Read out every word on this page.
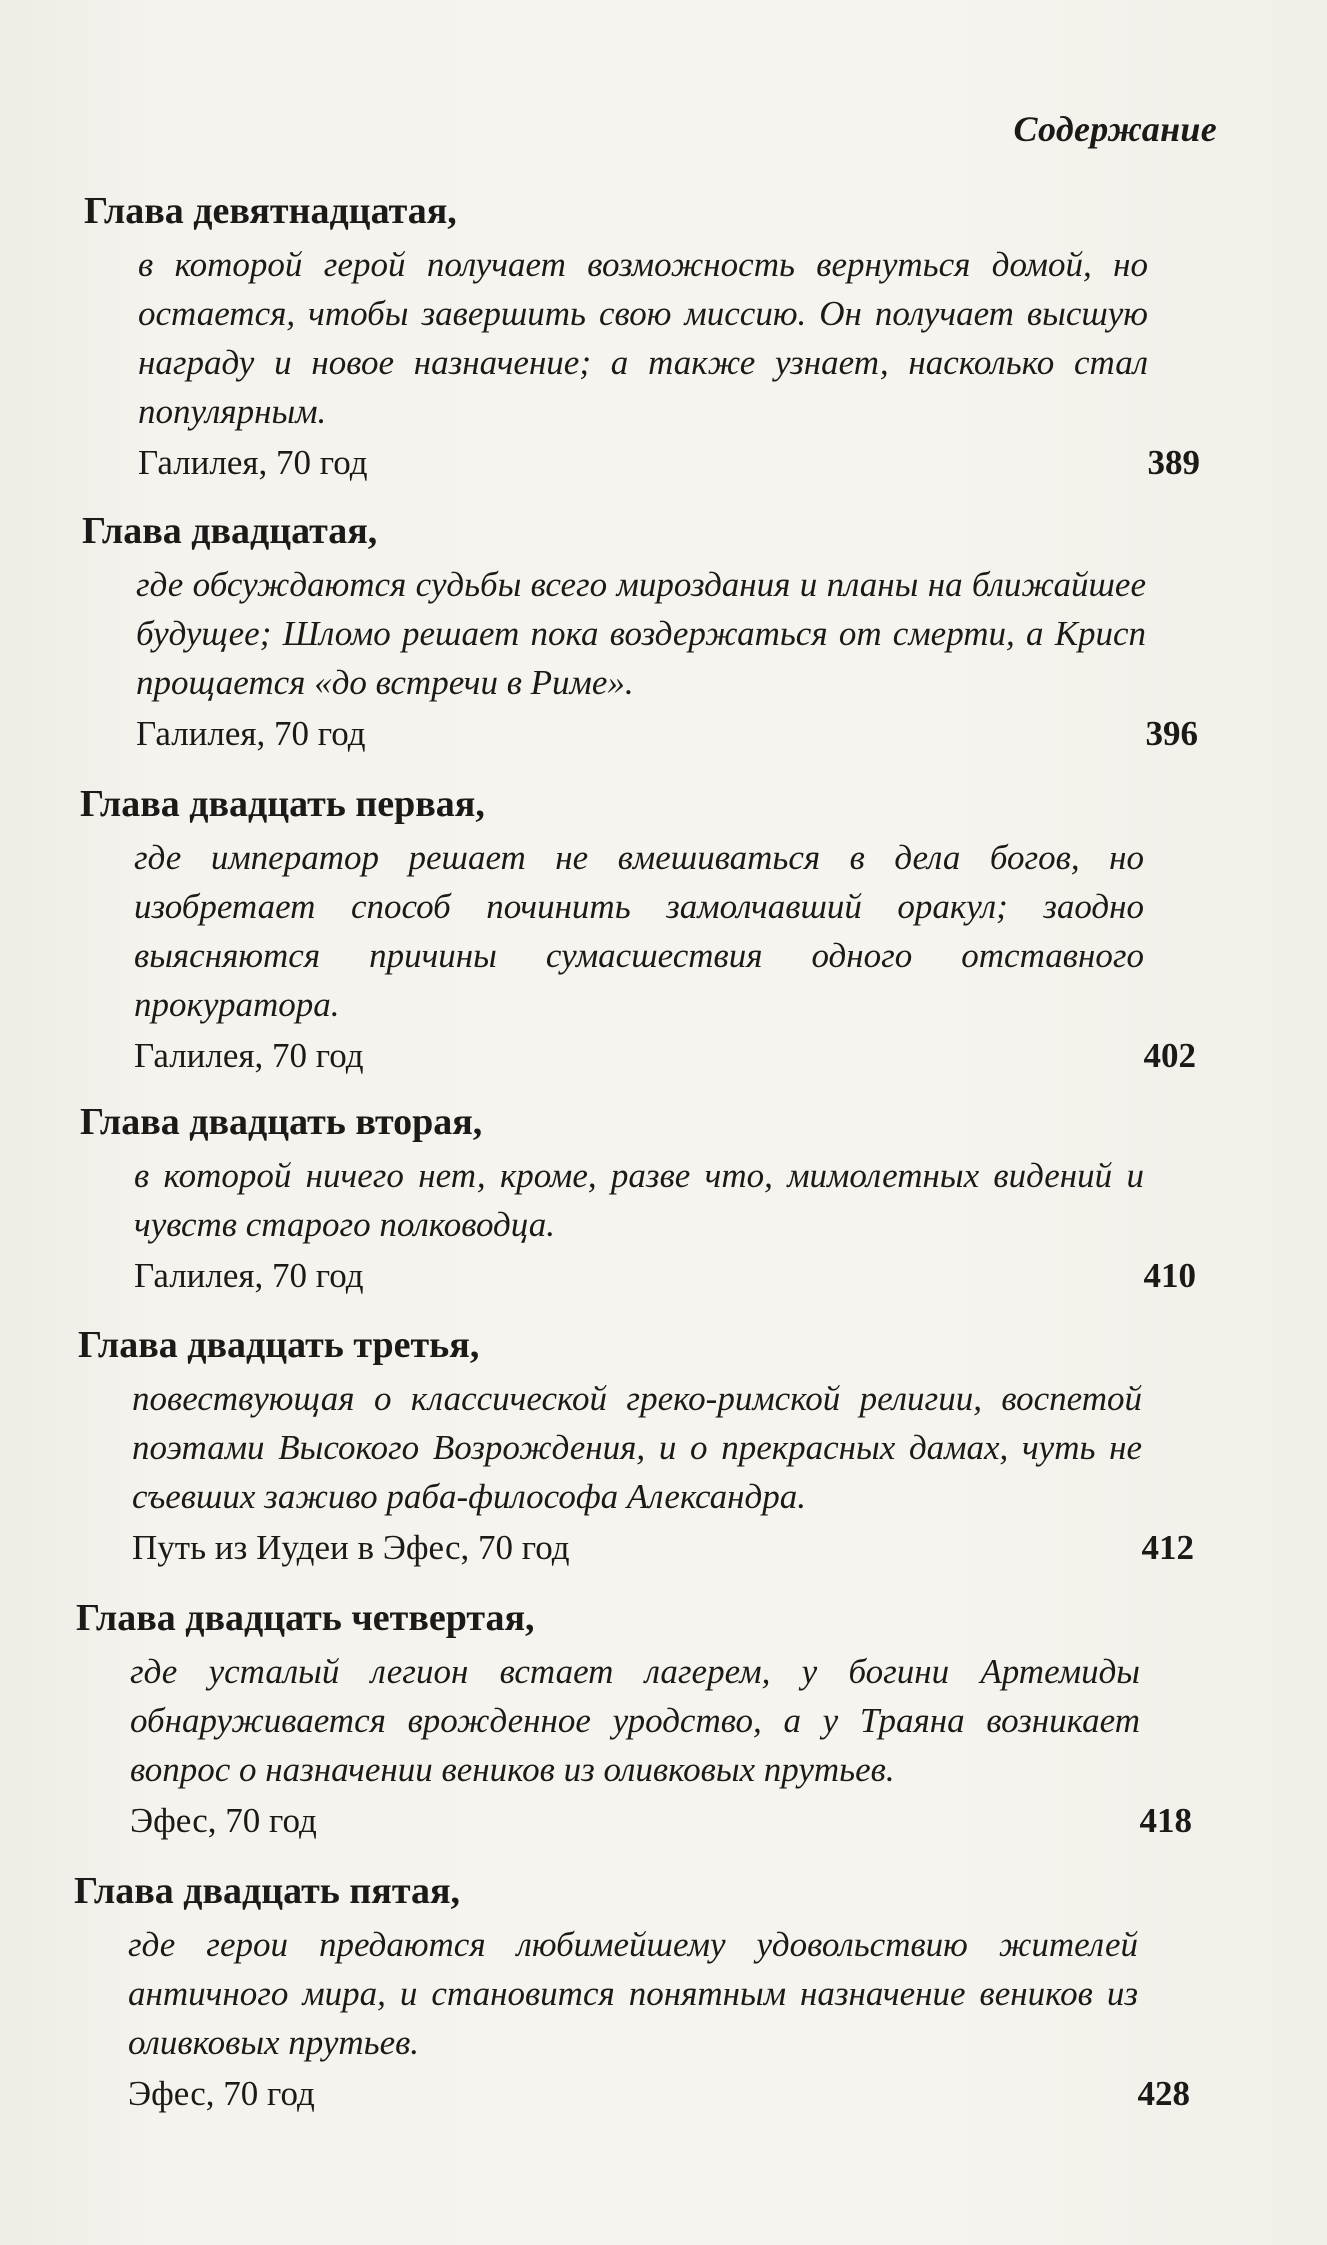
Содержание

Глава девятнадцатая,

в которой герой получает возможность вернуться домой, но остается, чтобы завершить свою миссию. Он получает высшую награду и новое назначение; а также узнает, насколько стал популярным.

Галилея, 70 год	389

Глава двадцатая,

где обсуждаются судьбы всего мироздания и планы на ближайшее будущее; Шломо решает пока воздержаться от смерти, а Крисп прощается «до встречи в Риме».

Галилея, 70 год	396

Глава двадцать первая,

где император решает не вмешиваться в дела богов, но изобретает способ починить замолчавший оракул; заодно выясняются причины сумасшествия одного отставного прокуратора.

Галилея, 70 год	402

Глава двадцать вторая,

в которой ничего нет, кроме, разве что, мимолетных видений и чувств старого полководца.

Галилея, 70 год	410

Глава двадцать третья,

повествующая о классической греко-римской религии, воспетой поэтами Высокого Возрождения, и о прекрасных дамах, чуть не съевших заживо раба-философа Александра.

Путь из Иудеи в Эфес, 70 год	412

Глава двадцать четвертая,

где усталый легион встает лагерем, у богини Артемиды обнаруживается врожденное уродство, а у Траяна возникает вопрос о назначении веников из оливковых прутьев.

Эфес, 70 год	418

Глава двадцать пятая,

где герои предаются любимейшему удовольствию жителей античного мира, и становится понятным назначение веников из оливковых прутьев.

Эфес, 70 год	428
